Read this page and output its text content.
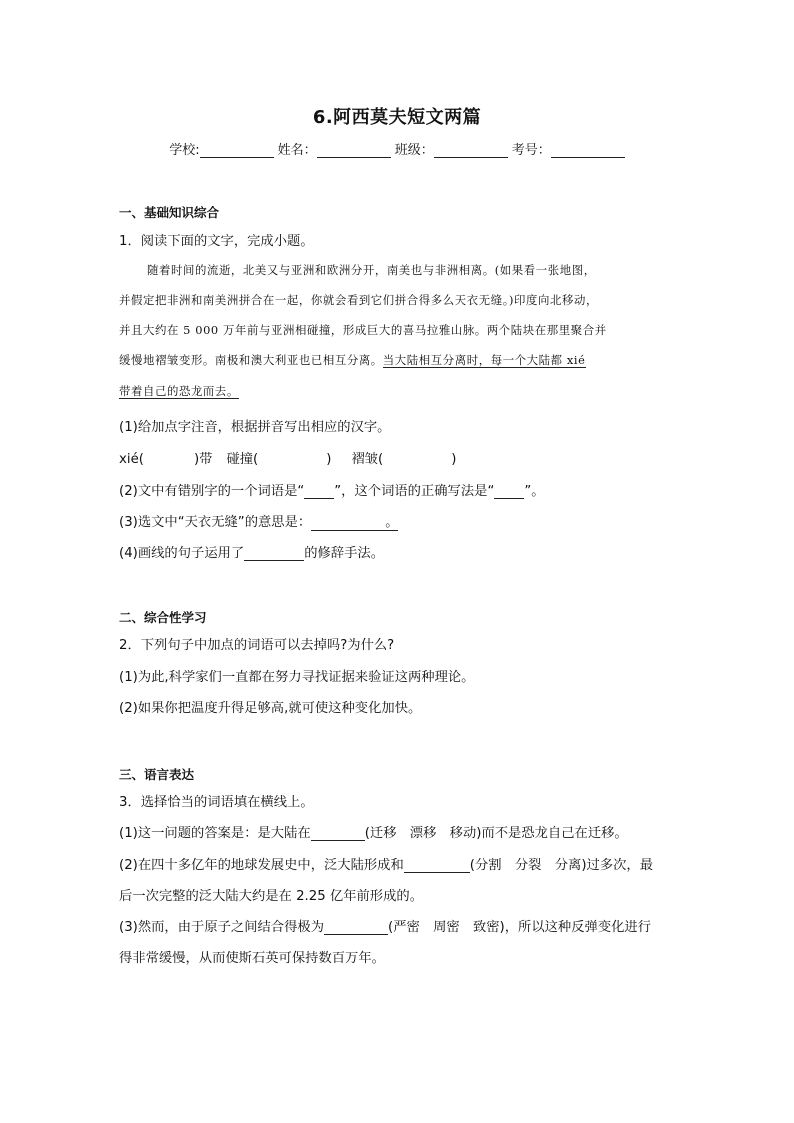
6.阿西莫夫短文两篇
学校:	姓名：	班级：	考号：
一、基础知识综合
1．阅读下面的文字，完成小题。
随着时间的流逝，北美又与亚洲和欧洲分开，南美也与非洲相离。(如果看一张地图，
并假定把非洲和南美洲拼合在一起，你就会看到它们拼合得多么天衣无缝。)印度向北移动，
并且大约在 5 000 万年前与亚洲相碰撞，形成巨大的喜马拉雅山脉。两个陆块在那里聚合并
缓慢地褶皱变形。南极和澳大利亚也已相互分离。当大陆相互分离时，每一个大陆都 xié
带着自己的恐龙而去。
(1)给加点字注音，根据拼音写出相应的汉字。
xié(	)带 碰撞(	) 褶皱(	)
(2)文中有错别字的一个词语是“ ”，这个词语的正确写法是“ ”。
(3)选文中“天衣无缝”的意思是：	。
(4)画线的句子运用了	的修辞手法。
二、综合性学习
2．下列句子中加点的词语可以去掉吗?为什么?
(1)为此,科学家们一直都在努力寻找证据来验证这两种理论。
(2)如果你把温度升得足够高,就可使这种变化加快。
三、语言表达
3．选择恰当的词语填在横线上。
(1)这一问题的答案是：是大陆在	(迁移　漂移　移动)而不是恐龙自己在迁移。
(2)在四十多亿年的地球发展史中，泛大陆形成和	(分割　分裂　分离)过多次，最
后一次完整的泛大陆大约是在 2.25 亿年前形成的。
(3)然而，由于原子之间结合得极为	(严密　周密　致密)，所以这种反弹变化进行
得非常缓慢，从而使斯石英可保持数百万年。
